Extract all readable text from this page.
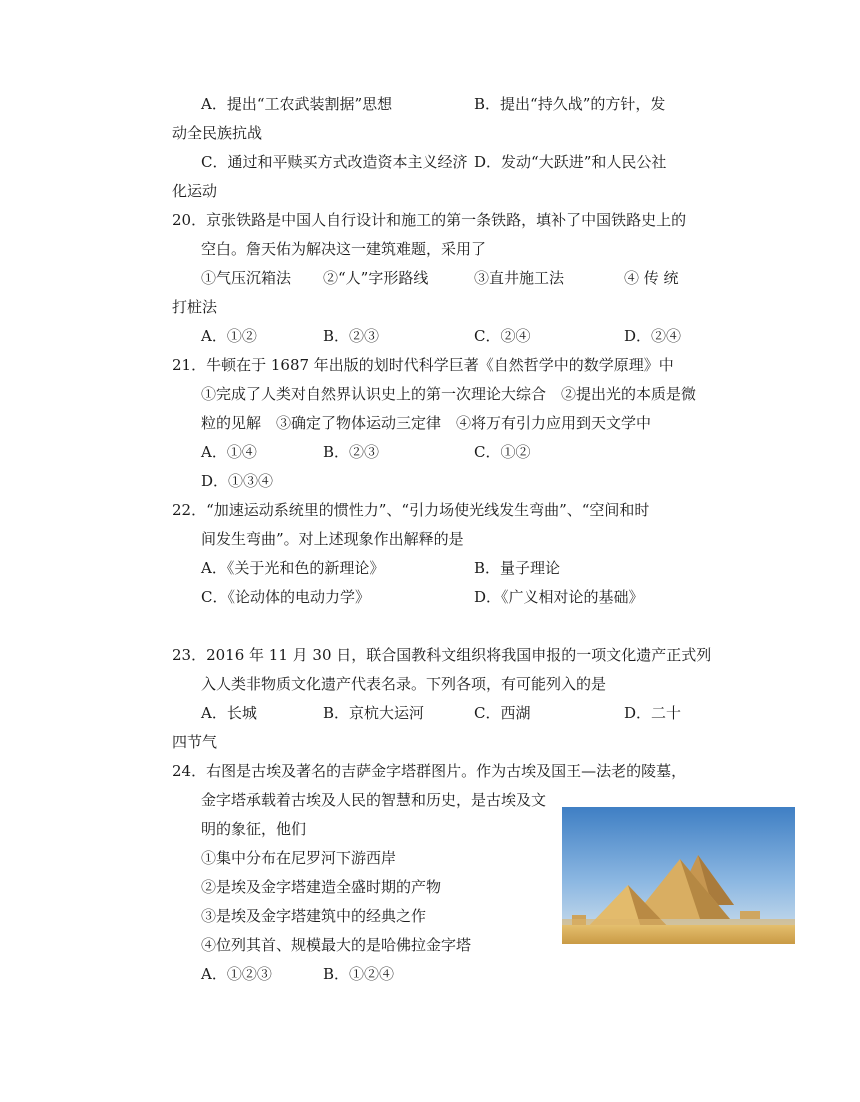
A．提出“工农武装割据”思想	B．提出“持久战”的方针，发
动全民族抗战
C．通过和平赎买方式改造资本主义经济 D．发动“大跃进”和人民公社
化运动
20．京张铁路是中国人自行设计和施工的第一条铁路，填补了中国铁路史上的
空白。詹天佑为解决这一建筑难题，采用了
①气压沉箱法 ②“人”字形路线	③直井施工法	④ 传 统
打桩法
A．①②	B．②③	C．②④	D．②④
21．牛顿在于 1687 年出版的划时代科学巨著《自然哲学中的数学原理》中
①完成了人类对自然界认识史上的第一次理论大综合　②提出光的本质是微
粒的见解　③确定了物体运动三定律　④将万有引力应用到天文学中
A．①④	B．②③	C．①②
D．①③④
22．“加速运动系统里的惯性力”、“引力场使光线发生弯曲”、“空间和时
间发生弯曲”。对上述现象作出解释的是
A．《关于光和色的新理论》	B．量子理论
C．《论动体的电动力学》	D．《广义相对论的基础》
23．2016 年 11 月 30 日，联合国教科文组织将我国申报的一项文化遗产正式列
入人类非物质文化遗产代表名录。下列各项，有可能列入的是
A．长城	B．京杭大运河	C．西湖	D．二十
四节气
24．右图是古埃及著名的吉萨金字塔群图片。作为古埃及国王—法老的陵墓，
金字塔承载着古埃及人民的智慧和历史，是古埃及文
明的象征，他们
①集中分布在尼罗河下游西岸
②是埃及金字塔建造全盛时期的产物
③是埃及金字塔建筑中的经典之作
④位列其首、规模最大的是哈佛拉金字塔
A．①②③	B．①②④
